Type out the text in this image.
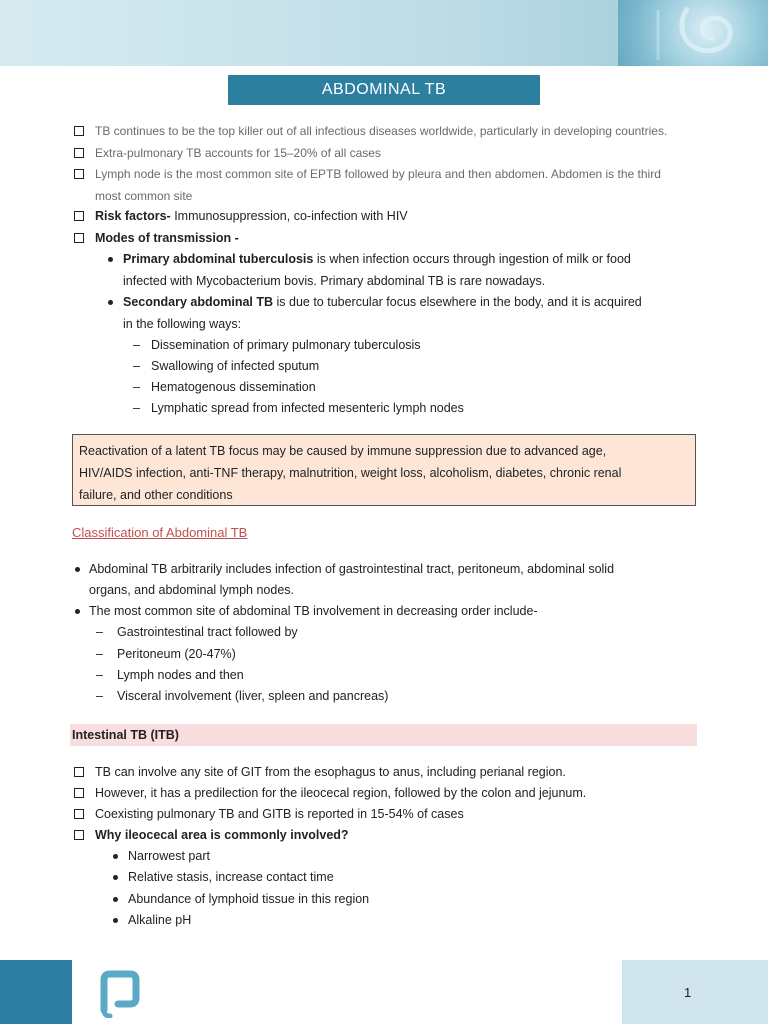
ABDOMINAL TB
TB continues to be the top killer out of all infectious diseases worldwide, particularly in developing countries.
Extra-pulmonary TB accounts for 15–20% of all cases
Lymph node is the most common site of EPTB followed by pleura and then abdomen. Abdomen is the third
most common site
Risk factors- Immunosuppression, co-infection with HIV
Modes of transmission -
Primary abdominal tuberculosis is when infection occurs through ingestion of milk or food
infected with Mycobacterium bovis. Primary abdominal TB is rare nowadays.
Secondary abdominal TB is due to tubercular focus elsewhere in the body, and it is acquired
in the following ways:
– Dissemination of primary pulmonary tuberculosis
– Swallowing of infected sputum
– Hematogenous dissemination
– Lymphatic spread from infected mesenteric lymph nodes
Reactivation of a latent TB focus may be caused by immune suppression due to advanced age,
HIV/AIDS infection, anti-TNF therapy, malnutrition, weight loss, alcoholism, diabetes, chronic renal
failure, and other conditions
Classification of Abdominal TB
Abdominal TB arbitrarily includes infection of gastrointestinal tract, peritoneum, abdominal solid
organs, and abdominal lymph nodes.
The most common site of abdominal TB involvement in decreasing order include-
– Gastrointestinal tract followed by
– Peritoneum (20-47%)
– Lymph nodes and then
– Visceral involvement (liver, spleen and pancreas)
Intestinal TB (ITB)
TB can involve any site of GIT from the esophagus to anus, including perianal region.
However, it has a predilection for the ileocecal region, followed by the colon and jejunum.
Coexisting pulmonary TB and GITB is reported in 15-54% of cases
Why ileocecal area is commonly involved?
Narrowest part
Relative stasis, increase contact time
Abundance of lymphoid tissue in this region
Alkaline pH
1
